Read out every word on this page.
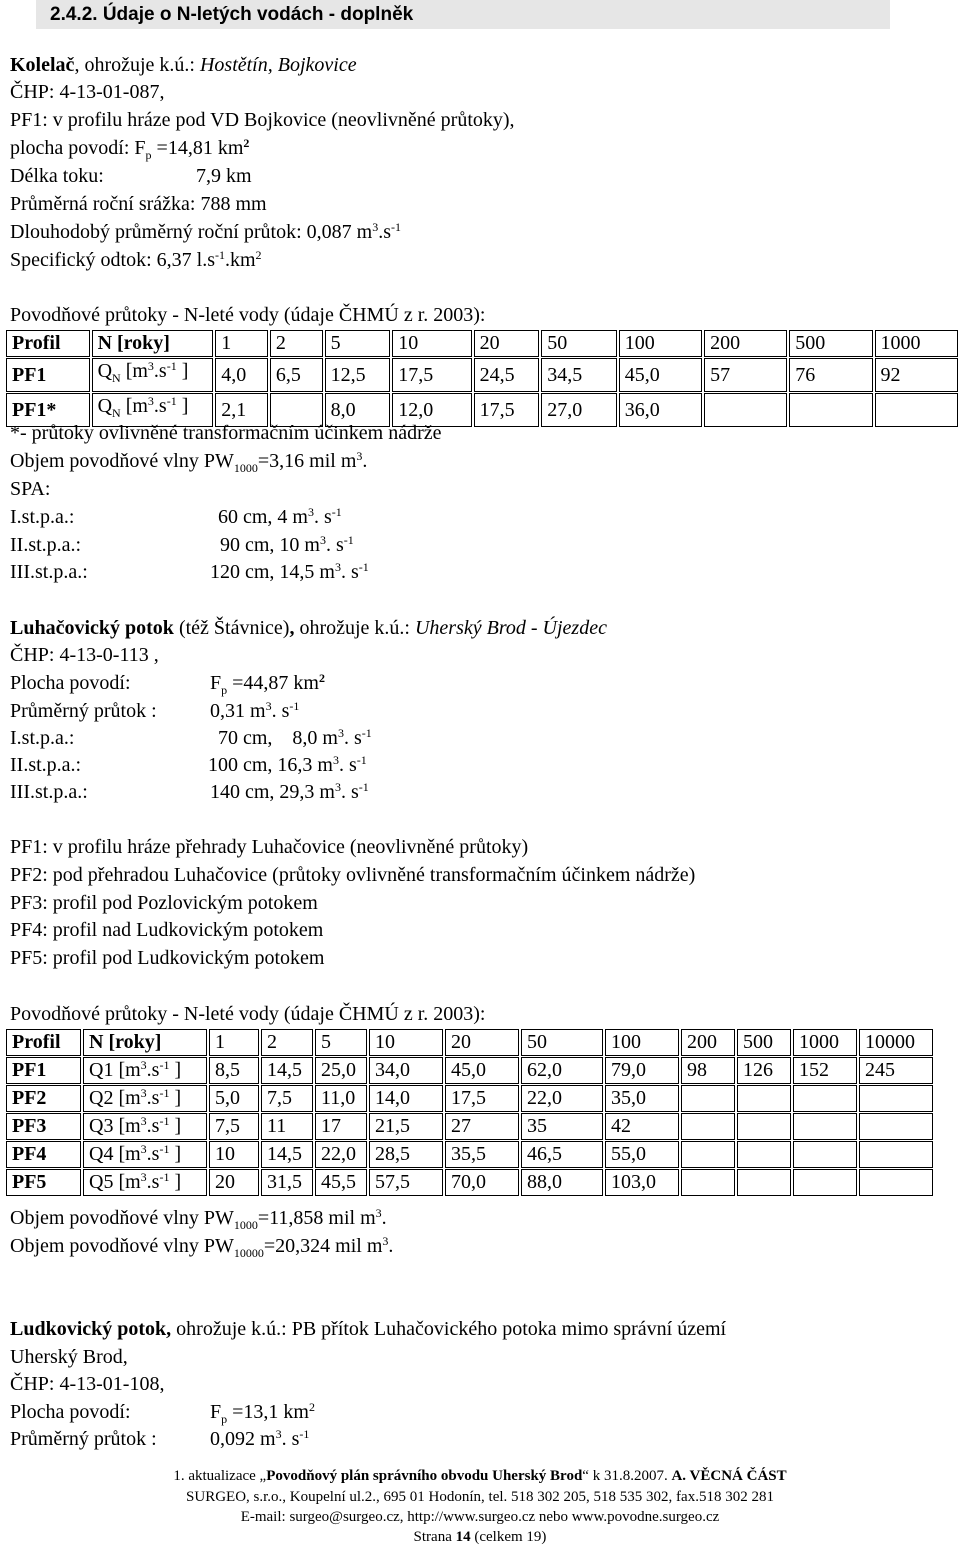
2.4.2. Údaje o N-letých vodách - doplněk
Kolelač, ohrožuje k.ú.: Hostětín, Bojkovice
ČHP: 4-13-01-087,
PF1: v profilu hráze pod VD Bojkovice (neovlivněné průtoky),
plocha povodí: $F_p =14,81$ $km^2$
Délka toku:	7,9 km
Průměrná roční srážka: 788 mm
Dlouhodobý průměrný roční průtok: 0,087 $m^3.s^{-1}$
Specifický odtok: 6,37 $l.s^{-1}.km^2$
Povodňové průtoky - N-leté vody (údaje ČHMÚ z r. 2003):
Profil	N [roky]	1	2	5	10	20	50	100	200	500	1000
PF1	$Q_N$ [$m^3.s^{-1}$ ]	4,0	6,5	12,5	17,5	24,5	34,5	45,0	57	76	92
PF1*	$Q_N$ [$m^3.s^{-1}$ ]	2,1		8,0	12,0	17,5	27,0	36,0			
*- průtoky ovlivněné transformačním účinkem nádrže
Objem povodňové vlny $PW_{1000}=3,16$ mil $m^3$.
SPA:
I.st.p.a.:	60 cm, 4 $m^3$. $s^{-1}$
II.st.p.a.:	90 cm, 10 $m^3$. $s^{-1}$
III.st.p.a.:	120 cm, 14,5 $m^3$. $s^{-1}$
Luhačovický potok (též Štávnice), ohrožuje k.ú.: Uherský Brod - Újezdec
ČHP: 4-13-0-113 ,
Plocha povodí:	$F_p =44,87$ $km^2$
Průměrný průtok :	0,31 $m^3$. $s^{-1}$
I.st.p.a.:	70 cm,    8,0 $m^3$. $s^{-1}$
II.st.p.a.:	100 cm, 16,3 $m^3$. $s^{-1}$
III.st.p.a.:	140 cm, 29,3 $m^3$. $s^{-1}$
PF1: v profilu hráze přehrady Luhačovice (neovlivněné průtoky)
PF2: pod přehradou Luhačovice (průtoky ovlivněné transformačním účinkem nádrže)
PF3: profil pod Pozlovickým potokem
PF4: profil nad Ludkovickým potokem
PF5: profil pod Ludkovickým potokem
Povodňové průtoky - N-leté vody (údaje ČHMÚ z r. 2003):
Profil	N [roky]	1	2	5	10	20	50	100	200	500	1000	10000
PF1	Q1 [$m^3.s^{-1}$ ]	8,5	14,5	25,0	34,0	45,0	62,0	79,0	98	126	152	245
PF2	Q2 [$m^3.s^{-1}$ ]	5,0	7,5	11,0	14,0	17,5	22,0	35,0				
PF3	Q3 [$m^3.s^{-1}$ ]	7,5	11	17	21,5	27	35	42				
PF4	Q4 [$m^3.s^{-1}$ ]	10	14,5	22,0	28,5	35,5	46,5	55,0				
PF5	Q5 [$m^3.s^{-1}$ ]	20	31,5	45,5	57,5	70,0	88,0	103,0				
Objem povodňové vlny $PW_{1000}=11,858$ mil $m^3$.
Objem povodňové vlny $PW_{10000}=20,324$ mil $m^3$.
Ludkovický potok, ohrožuje k.ú.: PB přítok Luhačovického potoka mimo správní území
Uherský Brod,
ČHP: 4-13-01-108,
Plocha povodí:	$F_p =13,1$ $km^2$
Průměrný průtok :	0,092 $m^3$. $s^{-1}$
1. aktualizace „Povodňový plán správního obvodu Uherský Brod“ k 31.8.2007. A. VĚCNÁ ČÁST
SURGEO, s.r.o., Koupelní ul.2., 695 01 Hodonín, tel. 518 302 205, 518 535 302, fax.518 302 281
E-mail: surgeo@surgeo.cz, http://www.surgeo.cz nebo www.povodne.surgeo.cz
Strana 14 (celkem 19)
